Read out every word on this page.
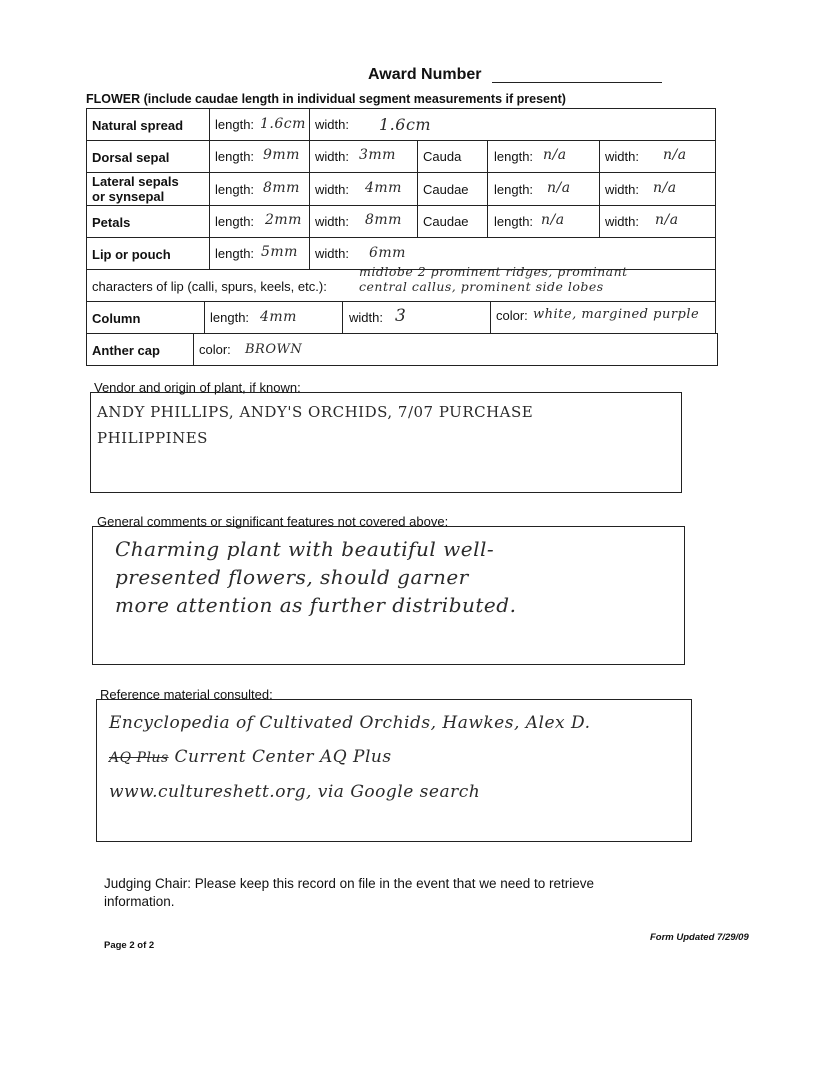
Award Number
FLOWER (include caudae length in individual segment measurements if present)
Natural spread length: 1.6cm width: 1.6cm
Dorsal sepal	length: 9mm width: 3mm Cauda	length: n/a	width: n/a
Lateral sepals
or synsepal	length: 8mm width: 4mm Caudae length: n/a	width: n/a
Petals	length: 2mm width: 8mm Caudae length: n/a	width: n/a
Lip or pouch	length: 5mm width: 6mm
characters of lip (calli, spurs, keels, etc.):
midlobe 2 prominent ridges, prominant
central callus, prominent side lobes
Column	length: 4mm	width: 3	color: white, margined purple
Anther cap	color: BROWN
Vendor and origin of plant, if known:
ANDY PHILLIPS, ANDY'S ORCHIDS, 7/07 PURCHASE
PHILIPPINES
General comments or significant features not covered above:
Charming plant with beautiful well-
presented flowers, should garner
more attention as further distributed.
Reference material consulted:
Encyclopedia of Cultivated Orchids, Hawkes, Alex D.
AQ Plus Current Center AQ Plus
www.cultureshett.org, via Google search
Judging Chair: Please keep this record on file in the event that we need to retrieve
information.
Page 2 of 2
Form Updated 7/29/09
